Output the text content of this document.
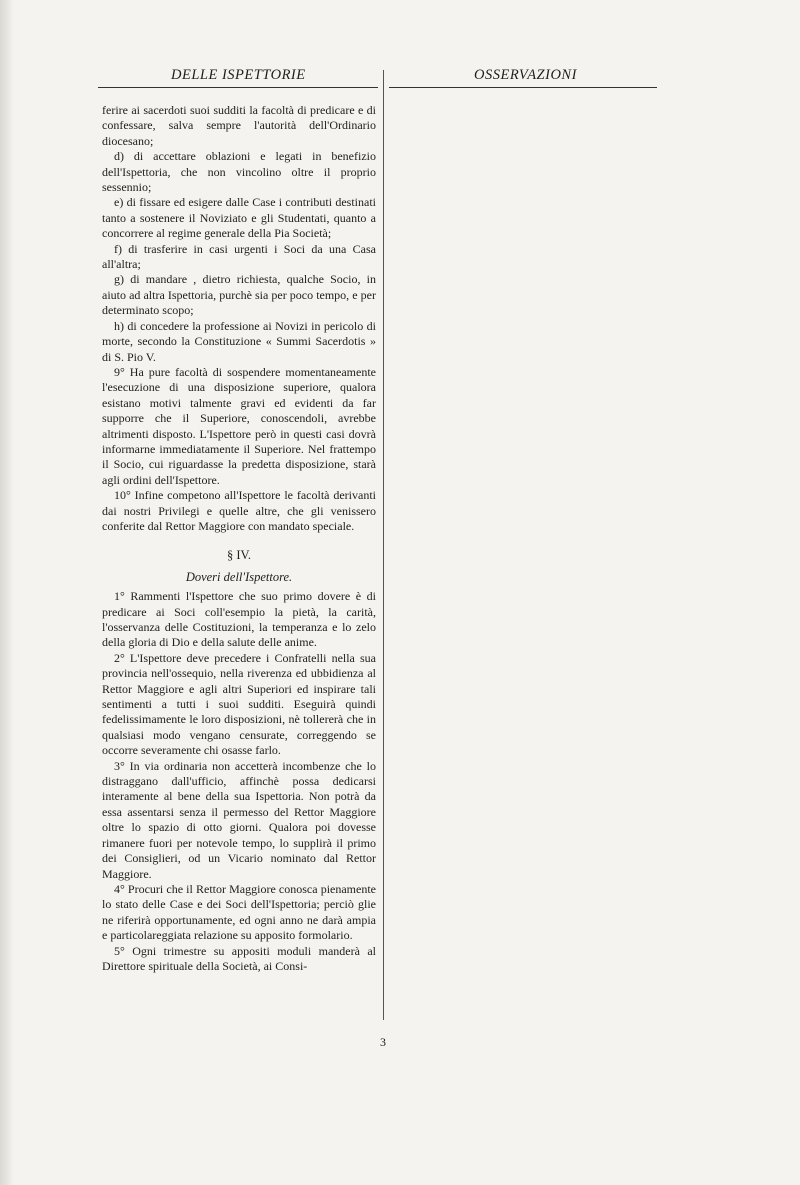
DELLE ISPETTORIE	OSSERVAZIONI

ferire ai sacerdoti suoi sudditi la facoltà di predicare e di confessare, salva sempre l'autorità dell'Ordinario diocesano;

d) di accettare oblazioni e legati in benefizio dell'Ispettoria, che non vincolino oltre il proprio sessennio;

e) di fissare ed esigere dalle Case i contributi destinati tanto a sostenere il Noviziato e gli Studentati, quanto a concorrere al regime generale della Pia Società;

f) di trasferire in casi urgenti i Soci da una Casa all'altra;

g) di mandare , dietro richiesta, qualche Socio, in aiuto ad altra Ispettoria, purchè sia per poco tempo, e per determinato scopo;

h) di concedere la professione ai Novizi in pericolo di morte, secondo la Constituzione « Summi Sacerdotis » di S. Pio V.

9° Ha pure facoltà di sospendere momentaneamente l'esecuzione di una disposizione superiore, qualora esistano motivi talmente gravi ed evidenti da far supporre che il Superiore, conoscendoli, avrebbe altrimenti disposto. L'Ispettore però in questi casi dovrà informarne immediatamente il Superiore. Nel frattempo il Socio, cui riguardasse la predetta disposizione, starà agli ordini dell'Ispettore.

10° Infine competono all'Ispettore le facoltà derivanti dai nostri Privilegi e quelle altre, che gli venissero conferite dal Rettor Maggiore con mandato speciale.

§ IV.
Doveri dell'Ispettore.

1° Rammenti l'Ispettore che suo primo dovere è di predicare ai Soci coll'esempio la pietà, la carità, l'osservanza delle Costituzioni, la temperanza e lo zelo della gloria di Dio e della salute delle anime.

2° L'Ispettore deve precedere i Confratelli nella sua provincia nell'ossequio, nella riverenza ed ubbidienza al Rettor Maggiore e agli altri Superiori ed inspirare tali sentimenti a tutti i suoi sudditi. Eseguirà quindi fedelissimamente le loro disposizioni, nè tollererà che in qualsiasi modo vengano censurate, correggendo se occorre severamente chi osasse farlo.

3° In via ordinaria non accetterà incombenze che lo distraggano dall'ufficio, affinchè possa dedicarsi interamente al bene della sua Ispettoria. Non potrà da essa assentarsi senza il permesso del Rettor Maggiore oltre lo spazio di otto giorni. Qualora poi dovesse rimanere fuori per notevole tempo, lo supplirà il primo dei Consiglieri, od un Vicario nominato dal Rettor Maggiore.

4° Procuri che il Rettor Maggiore conosca pienamente lo stato delle Case e dei Soci dell'Ispettoria; perciò glie ne riferirà opportunamente, ed ogni anno ne darà ampia e particolareggiata relazione su apposito formolario.

5° Ogni trimestre su appositi moduli manderà al Direttore spirituale della Società, ai Consi-

3
